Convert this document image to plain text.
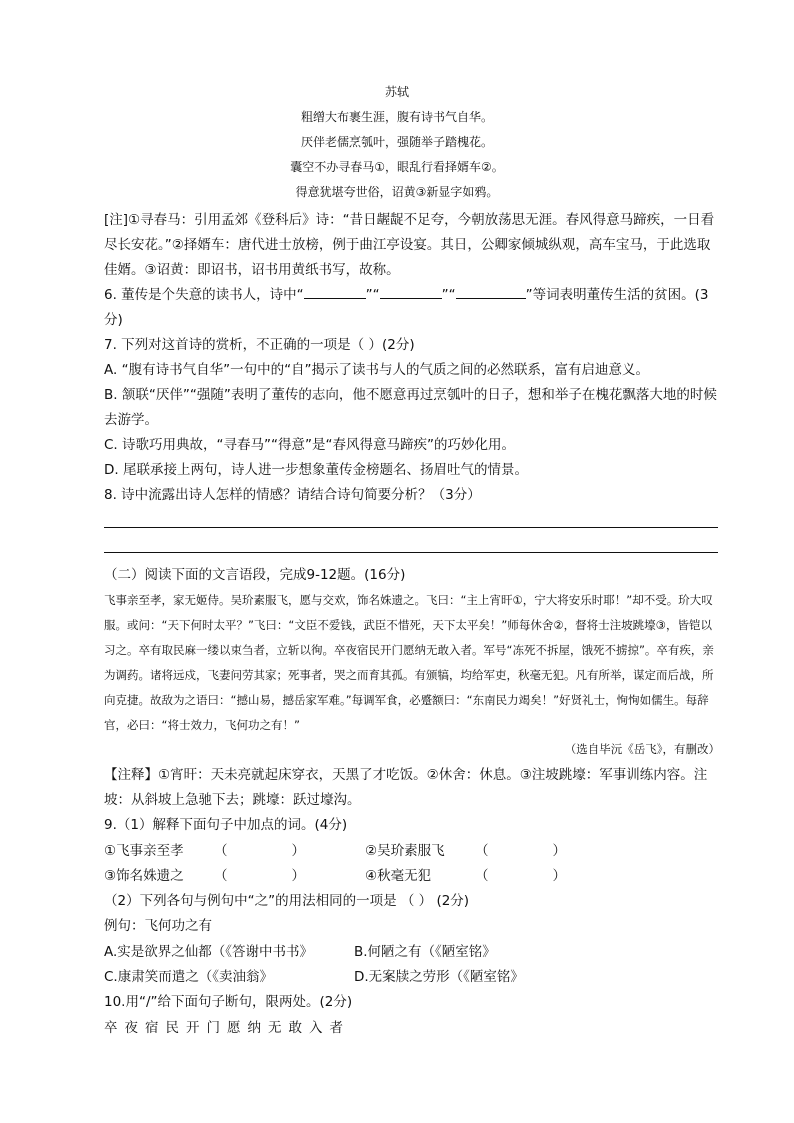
苏轼
粗缯大布裹生涯，腹有诗书气自华。
厌伴老儒烹瓠叶，强随举子踏槐花。
囊空不办寻春马①，眼乱行看择婿车②。
得意犹堪夸世俗，诏黄③新显字如鸦。
[注]①寻春马：引用孟郊《登科后》诗：“昔日龌龊不足夸，今朝放荡思无涯。春风得意马蹄疾，一日看尽长安花。”②择婿车：唐代进士放榜，例于曲江亭设宴。其日，公卿家倾城纵观，高车宝马，于此选取佳婿。③诏黄：即诏书，诏书用黄纸书写，故称。
6. 董传是个失意的读书人，诗中“	”“	”“	”等词表明董传生活的贫困。(3分)
7. 下列对这首诗的赏析，不正确的一项是（ ）(2分)
A. “腹有诗书气自华”一句中的“自”揭示了读书与人的气质之间的必然联系，富有启迪意义。
B. 颔联“厌伴”“强随”表明了董传的志向，他不愿意再过烹瓠叶的日子，想和举子在槐花飘落大地的时候去游学。
C. 诗歌巧用典故，“寻春马”“得意”是“春风得意马蹄疾”的巧妙化用。
D. 尾联承接上两句，诗人进一步想象董传金榜题名、扬眉吐气的情景。
8. 诗中流露出诗人怎样的情感？请结合诗句简要分析？（3分）
（二）阅读下面的文言语段，完成9-12题。(16分)
飞事亲至孝，家无姬侍。吴玠素服飞，愿与交欢，饰名姝遗之。飞曰：“主上宵旰①，宁大将安乐时耶！”却不受。玠大叹服。或问：“天下何时太平？”飞曰：“文臣不爱钱，武臣不惜死，天下太平矣！”师每休舍②，督将士注坡跳壕③，皆铠以习之。卒有取民麻一缕以束刍者，立斩以徇。卒夜宿民开门愿纳无敢入者。军号“冻死不拆屋，饿死不掳掠”。卒有疾，亲为调药。诸将远戍，飞妻问劳其家；死事者，哭之而育其孤。有颁犒，均给军吏，秋毫无犯。凡有所举，谋定而后战，所向克捷。故敌为之语曰：“撼山易，撼岳家军难。”每调军食，必蹙额曰：“东南民力竭矣！”好贤礼士，恂恂如儒生。每辞官，必曰：“将士效力，飞何功之有！”
（选自毕沅《岳飞》，有删改）
【注释】①宵旰：天未亮就起床穿衣，天黑了才吃饭。②休舍：休息。③注坡跳壕：军事训练内容。注坡：从斜坡上急驰下去；跳壕：跃过壕沟。
9.（1）解释下面句子中加点的词。(4分)
①飞事亲至孝 （	）	②吴玠素服飞 （	）
③饰名姝遗之 （	）	④秋毫无犯	（	）
（2）下列各句与例句中“之”的用法相同的一项是 （ ） (2分)
例句：飞何功之有
A.实是欲界之仙都（《答谢中书书》	B.何陋之有（《陋室铭》
C.康肃笑而遣之（《卖油翁》	D.无案牍之劳形（《陋室铭》
10.用“/”给下面句子断句，限两处。(2分)
卒夜宿民开门愿纳无敢入者
